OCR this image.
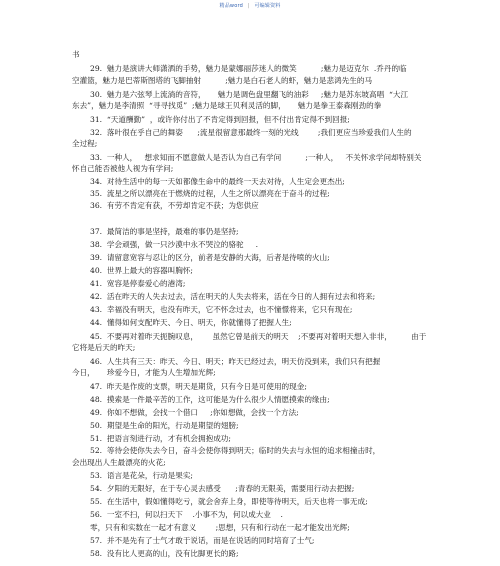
精品word | 可编辑资料
书
29.  魅力是演讲大师潇洒的手势，魅力是蒙娜丽莎迷人的微笑          ;魅力是迈克尔  .乔丹的临
空灌篮，魅力是巴蒂斯图塔的飞脚抽射          ;魅力是白石老人的虾，魅力是悲鸿先生的马
30.  魅力是六弦琴上流淌的音符，     魅力是调色盘里翻飞的油彩     ;魅力是苏东坡高唱  “大江
东去”，魅力是李清照  “寻寻找觅”  ;魅力是球王贝利灵活的脚，     魅力是拳王泰森刚劲的拳
31.  “天道酬勤”  ，或许你付出了不肯定得到回报，但不付出肯定得不到回报;
32.  落叶很在乎自己的舞姿      ;流星很留意那最终一刻的光线        ;我们更应当珍爱我们人生的
全过程;
33.  一种人，   想求知而不愿意做人是否认为自己有学问          ;一种人，   不关怀求学问却特别关
怀自己能否被他人视为有学问;
34.  对待生活中的每一天如都像生命中的最终一天去对待，人生定会更杰出;
35.  流星之所以漂亮在于燃烧的过程，人生之所以漂亮在于奋斗的过程;
36.  有劳不肯定有获，不劳却肯定不获；为您供应
37.  最简洁的事是坚持，最难的事仍是坚持;
38.  学会顽强，做一只沙漠中永不哭泣的骆驼     .
39.  请留意宽容与忍让的区分，前者是安静的大海，后者是待喷的火山;
40.  世界上最大的容器叫胸怀;
41.  宽容是停泰爱心的港湾;
42.  活在昨天的人失去过去，活在明天的人失去将来，活在今日的人拥有过去和将来;
43.  幸福没有明天，也没有昨天，它不怀念过去，也不憧憬将来，它只有现在;
44.  懂得如何支配昨天、今日、明天，你就懂得了把握人生;
45.  不要再对着昨天扼腕叹息，      虽然它曾是前天的明天    ;不要再对着明天想入非非，        由于
它将是后天的昨天;
46.  人生共有三天：昨天、今日、明天；昨天已经过去，明天仿没到来，我们只有把握
今日，     珍爱今日，才能为人生增加光辉;
47.  昨天是作废的支票，明天是期货，只有今日是可使用的现金;
48.  摸索是一件最辛苦的工作，这可能是为什么很少人情愿摸索的缘由;
49.  你如不想做，会找一个借口     ;你如想做，会找一个方法;
50.  期望是生命的阳光，行动是期望的翅膀;
51.  把语言刻进行动，才有机会拥抱成功;
52.  等待会使你失去今日，奋斗会使你得到明天；临时的失去与永恒的追求相撞击时，
会出现出人生最漂亮的火花;
53.  语言是花朵，行动是果实;
54.  夕阳的无限好，在于专心灵去感受      ;青春的无限美，需要用行动去把握;
55.  在生活中，假如懂得吃亏，就会舍弃上身，即使等待明天，后天也将一事无成;
56.  一室不扫，何以扫天下    .小事不为，何以成大业    .
零，只有和实数在一起才有意义        ;思想，只有和行动在一起才能发出光辉;
57.  并不是先有了士气才敢于说话，而是在说话的同时培育了士气;
58.  没有比人更高的山，没有比脚更长的路;
